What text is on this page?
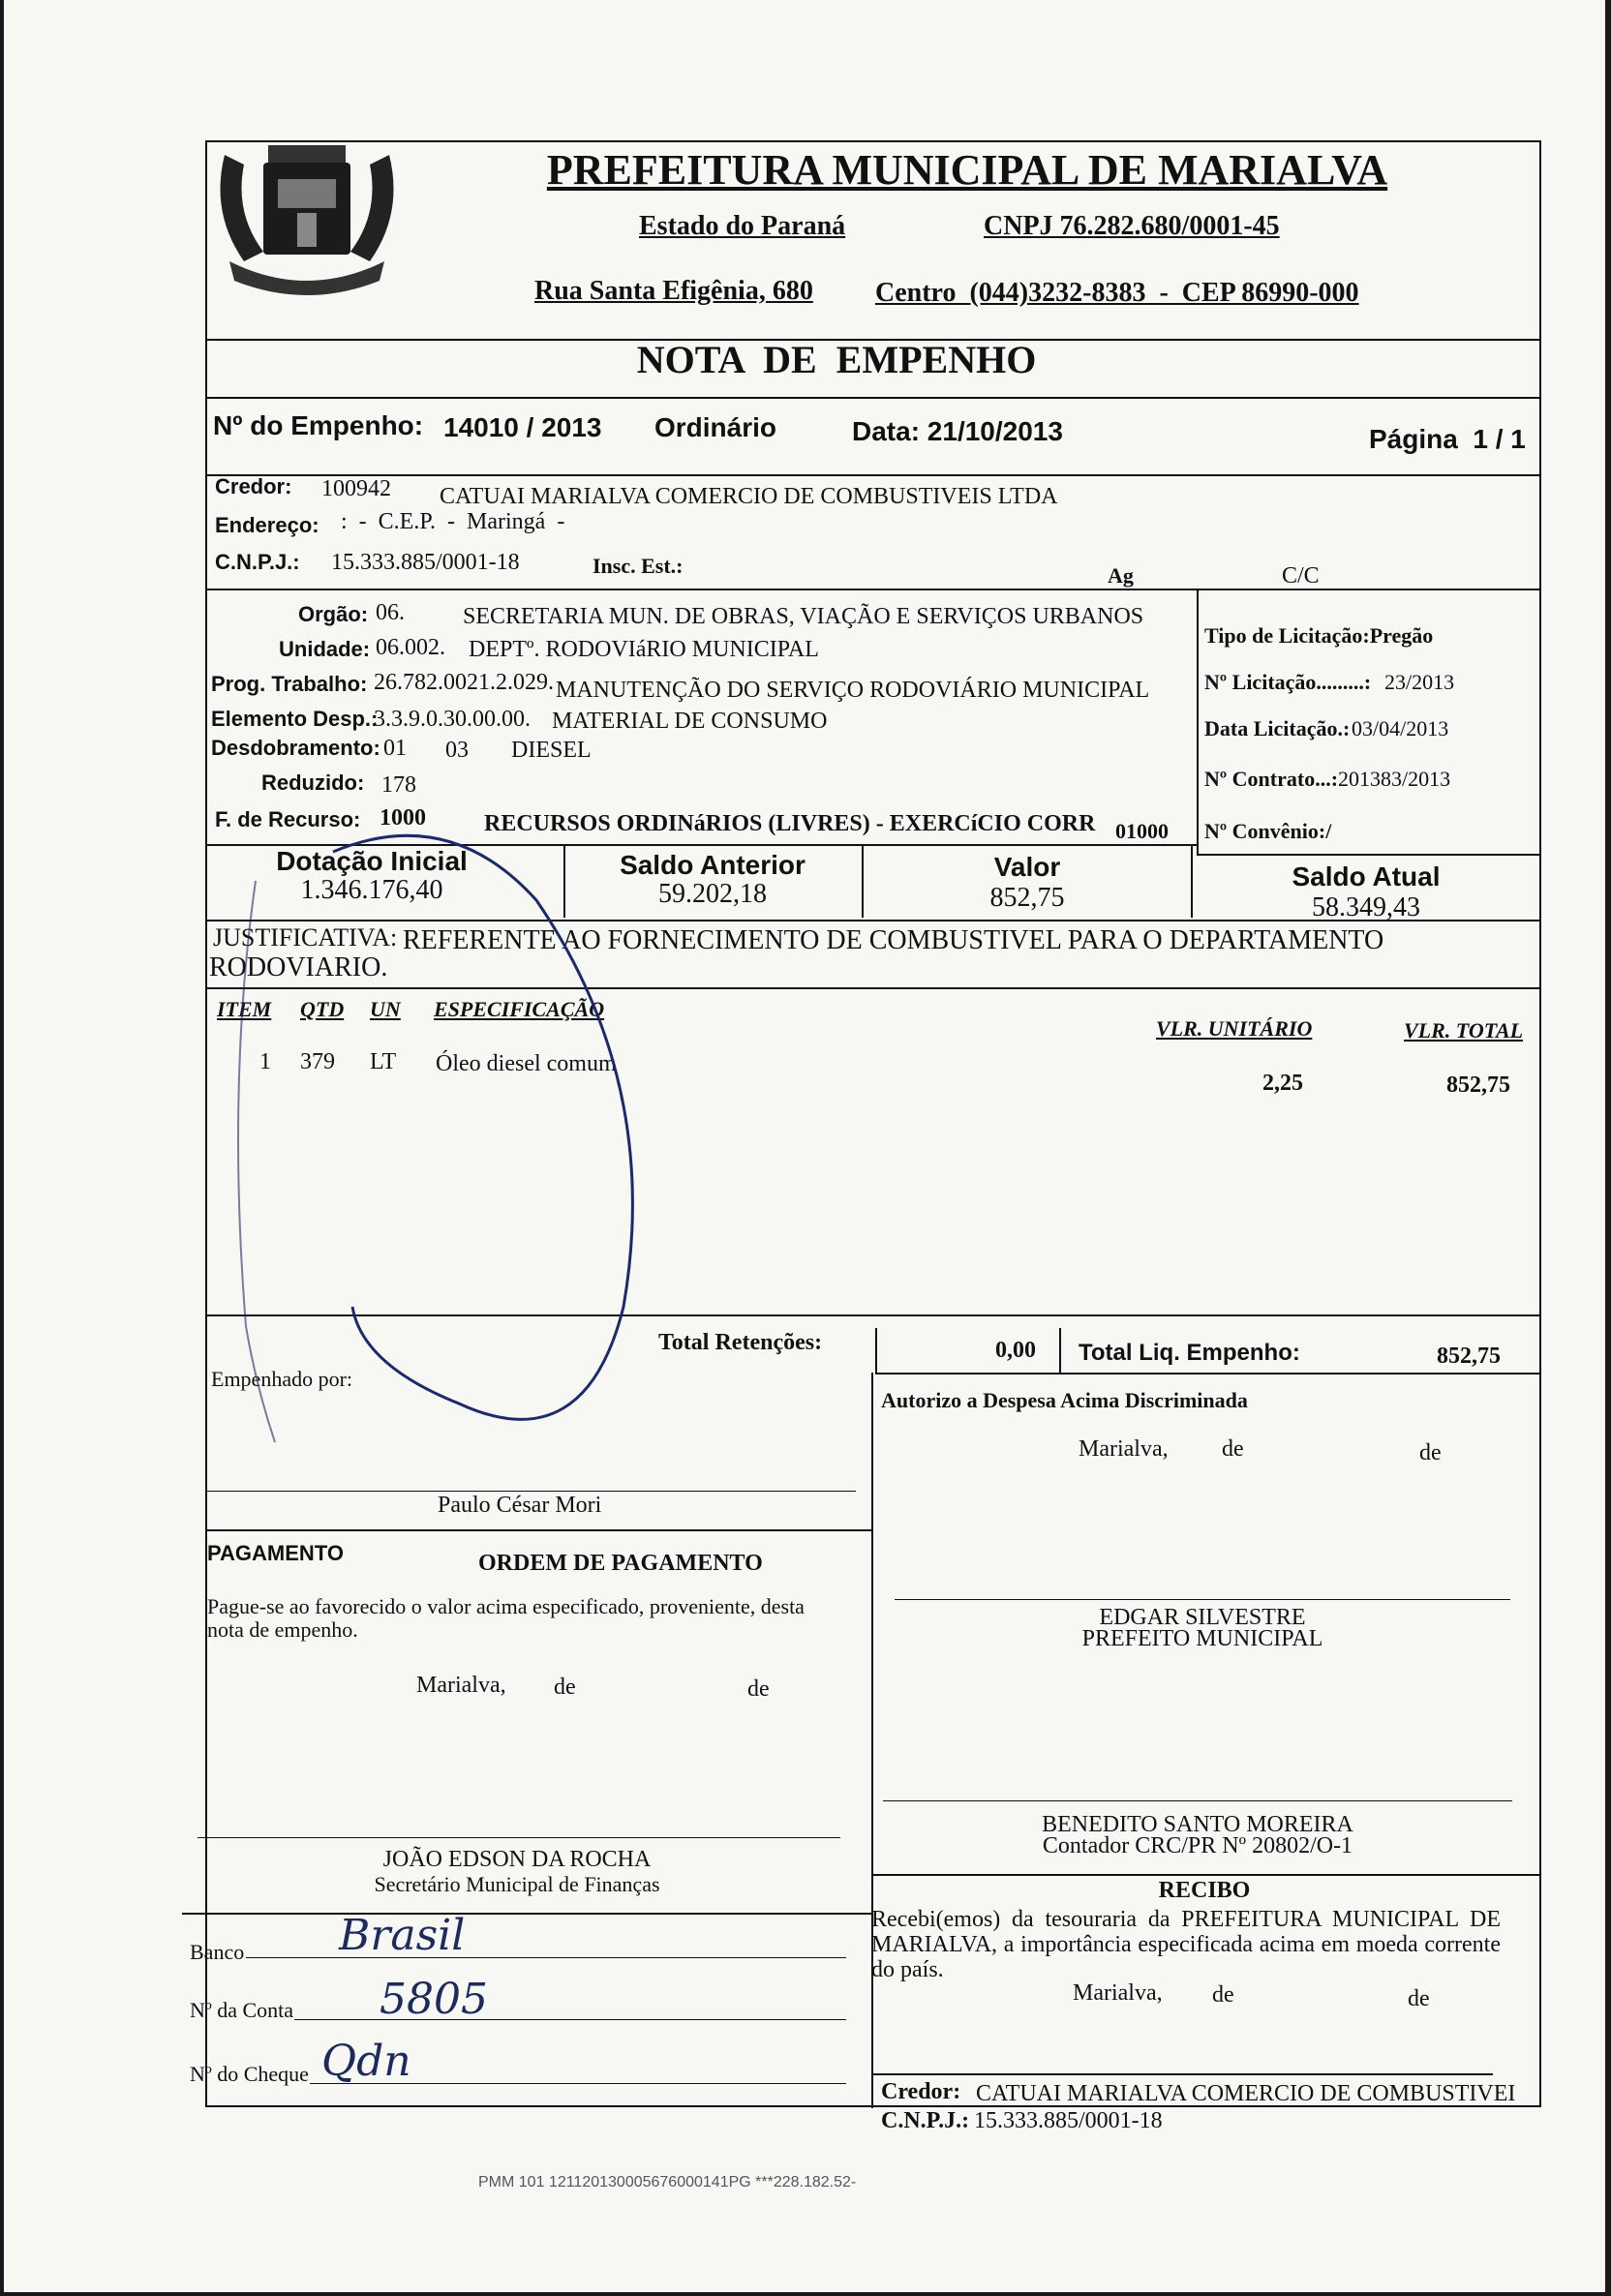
PREFEITURA MUNICIPAL DE MARIALVA
Estado do Paraná	CNPJ 76.282.680/0001-45
Rua Santa Efigênia, 680 Centro  (044)3232-8383  -  CEP 86990-000
NOTA  DE  EMPENHO
Nº do Empenho: 14010 / 2013 Ordinário	Data: 21/10/2013	Página  1 / 1
Credor: 100942 CATUAI MARIALVA COMERCIO DE COMBUSTIVEIS LTDA
Endereço: :  -  C.E.P.  -  Maringá  -
C.N.P.J.: 15.333.885/0001-18	Insc. Est.:	Ag	C/C
Orgão: 06.	SECRETARIA MUN. DE OBRAS, VIAÇÃO E SERVIÇOS URBANOS
Unidade: 06.002. DEPTº. RODOVIáRIO MUNICIPAL
Prog. Trabalho: 26.782.0021.2.029. MANUTENÇÃO DO SERVIÇO RODOVIÁRIO MUNICIPAL
Elemento Desp.:
3.3.9.0.30.00.00. MATERIAL DE CONSUMO
Desdobramento: 01 03 DIESEL
Reduzido: 178
F. de Recurso: 1000	RECURSOS ORDINáRIOS (LIVRES) - EXERCíCIO CORR 01000
Tipo de Licitação:Pregão
Nº Licitação.........: 23/2013
Data Licitação.: 03/04/2013
Nº Contrato...: 201383/2013
Nº Convênio:/
Dotação Inicial
1.346.176,40
Saldo Anterior
59.202,18
Valor
852,75
Saldo Atual
58.349,43
JUSTIFICATIVA: REFERENTE AO FORNECIMENTO DE COMBUSTIVEL PARA O DEPARTAMENTO
RODOVIARIO.
ITEM QTD UN ESPECIFICAÇÃO
VLR. UNITÁRIO	VLR. TOTAL
1 379 LT Óleo diesel comum
2,25	852,75
Total Retenções:	0,00 Total Liq. Empenho:	852,75
Empenhado por:
Autorizo a Despesa Acima Discriminada
Marialva, de	de
Paulo César Mori
PAGAMENTO	ORDEM DE PAGAMENTO
Pague-se ao favorecido o valor acima especificado, proveniente, desta nota de empenho.
Marialva, de	de
EDGAR SILVESTRE
PREFEITO MUNICIPAL
JOÃO EDSON DA ROCHA
Secretário Municipal de Finanças
BENEDITO SANTO MOREIRA
Contador CRC/PR Nº 20802/O-1
Banco Brasil
Nº da Conta 5805
Nº do Cheque Qdn
RECIBO
Recebi(emos) da tesouraria da PREFEITURA MUNICIPAL DE MARIALVA, a importância especificada acima em moeda corrente do país.
Marialva, de	de
Credor: CATUAI MARIALVA COMERCIO DE COMBUSTIVEI
C.N.P.J.: 15.333.885/0001-18
PMM 101 121120130005676000141PG ***228.182.52-
